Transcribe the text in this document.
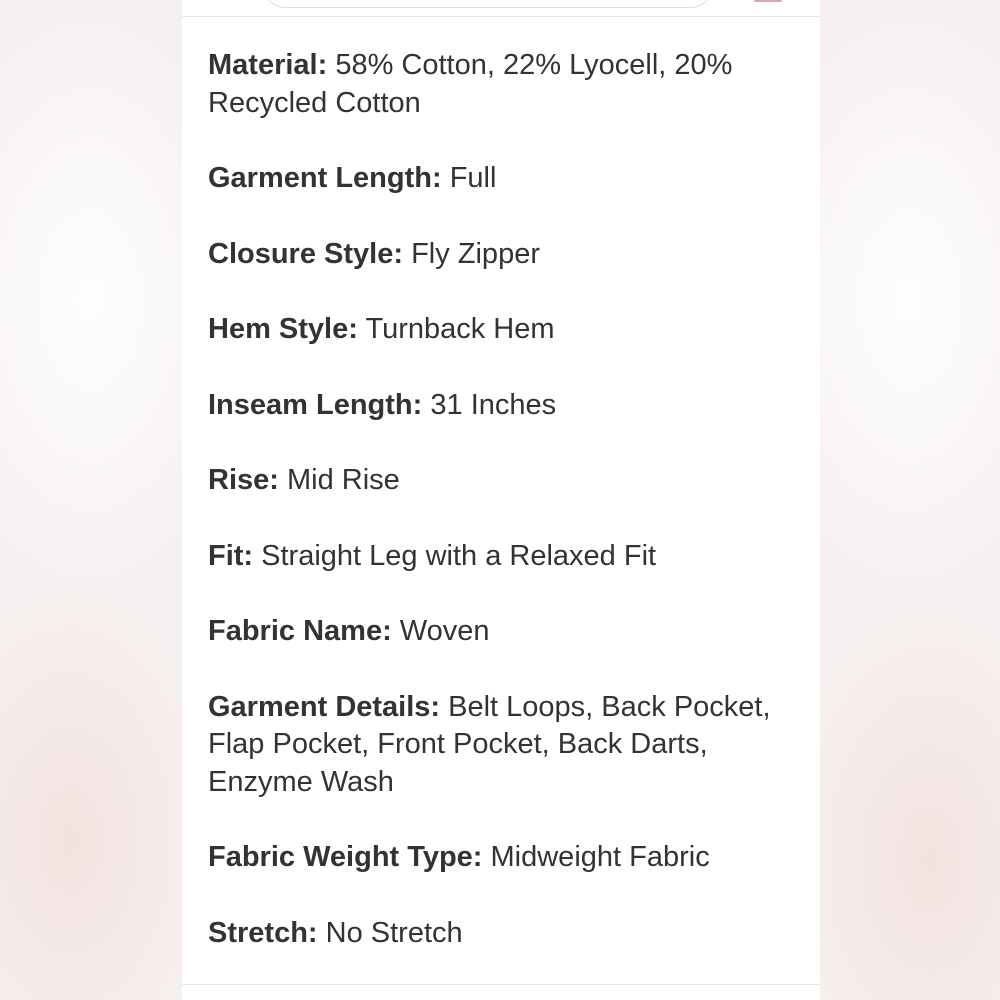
Material: 58% Cotton, 22% Lyocell, 20% Recycled Cotton
Garment Length: Full
Closure Style: Fly Zipper
Hem Style: Turnback Hem
Inseam Length: 31 Inches
Rise: Mid Rise
Fit: Straight Leg with a Relaxed Fit
Fabric Name: Woven
Garment Details: Belt Loops, Back Pocket, Flap Pocket, Front Pocket, Back Darts, Enzyme Wash
Fabric Weight Type: Midweight Fabric
Stretch: No Stretch
